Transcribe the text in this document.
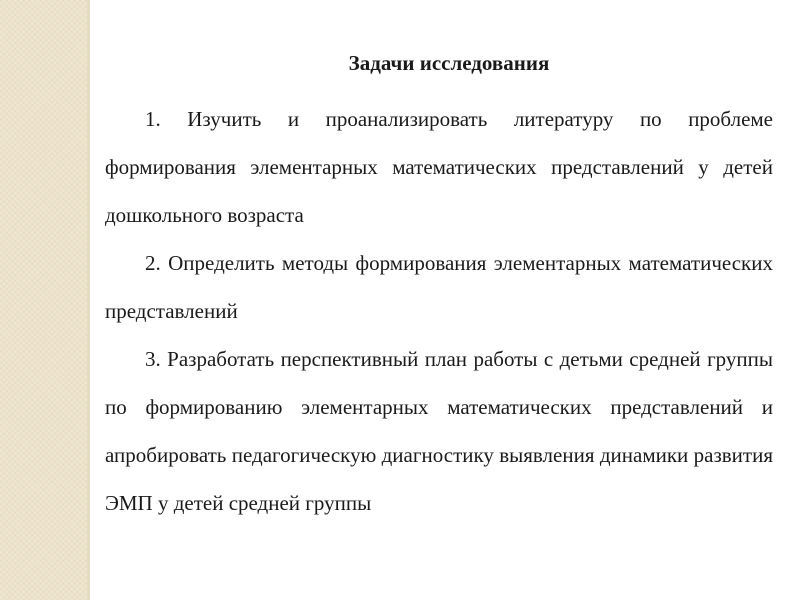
Задачи исследования

1. Изучить и проанализировать литературу по проблеме формирования элементарных математических представлений у детей дошкольного возраста

2. Определить методы формирования элементарных математических представлений

3. Разработать перспективный план работы с детьми средней группы по формированию элементарных математических представлений и апробировать педагогическую диагностику выявления динамики развития ЭМП у детей средней группы
